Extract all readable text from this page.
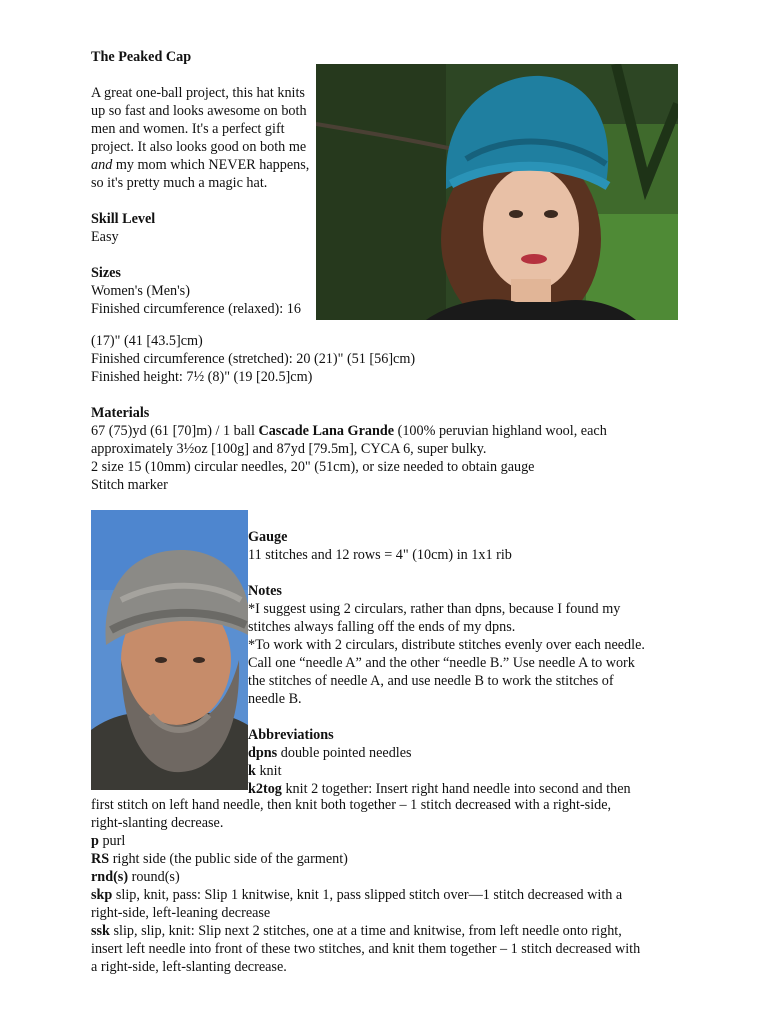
The Peaked Cap

A great one-ball project, this hat knits up so fast and looks awesome on both men and women. It's a perfect gift project. It also looks good on both me and my mom which NEVER happens, so it's pretty much a magic hat.

Skill Level

Easy

Sizes

Women's (Men's)

Finished circumference (relaxed): 16

(17)" (41 [43.5]cm)

Finished circumference (stretched): 20 (21)" (51 [56]cm)

Finished height: 7½ (8)" (19 [20.5]cm)

Materials

67 (75)yd (61 [70]m) / 1 ball Cascade Lana Grande (100% peruvian highland wool, each

approximately 3½oz [100g] and 87yd [79.5m], CYCA 6, super bulky.

2 size 15 (10mm) circular needles, 20" (51cm), or size needed to obtain gauge

Stitch marker

Gauge

11 stitches and 12 rows = 4" (10cm) in 1x1 rib

Notes

*I suggest using 2 circulars, rather than dpns, because I found my

stitches always falling off the ends of my dpns.

*To work with 2 circulars, distribute stitches evenly over each needle.

Call one “needle A” and the other “needle B.” Use needle A to work

the stitches of needle A, and use needle B to work the stitches of

needle B.

Abbreviations

dpns double pointed needles

k knit

k2tog knit 2 together: Insert right hand needle into second and then

first stitch on left hand needle, then knit both together – 1 stitch decreased with a right-side,

right-slanting decrease.

p purl

RS right side (the public side of the garment)

rnd(s) round(s)

skp slip, knit, pass: Slip 1 knitwise, knit 1, pass slipped stitch over—1 stitch decreased with a

right-side, left-leaning decrease

ssk slip, slip, knit: Slip next 2 stitches, one at a time and knitwise, from left needle onto right,

insert left needle into front of these two stitches, and knit them together – 1 stitch decreased with

a right-side, left-slanting decrease.
